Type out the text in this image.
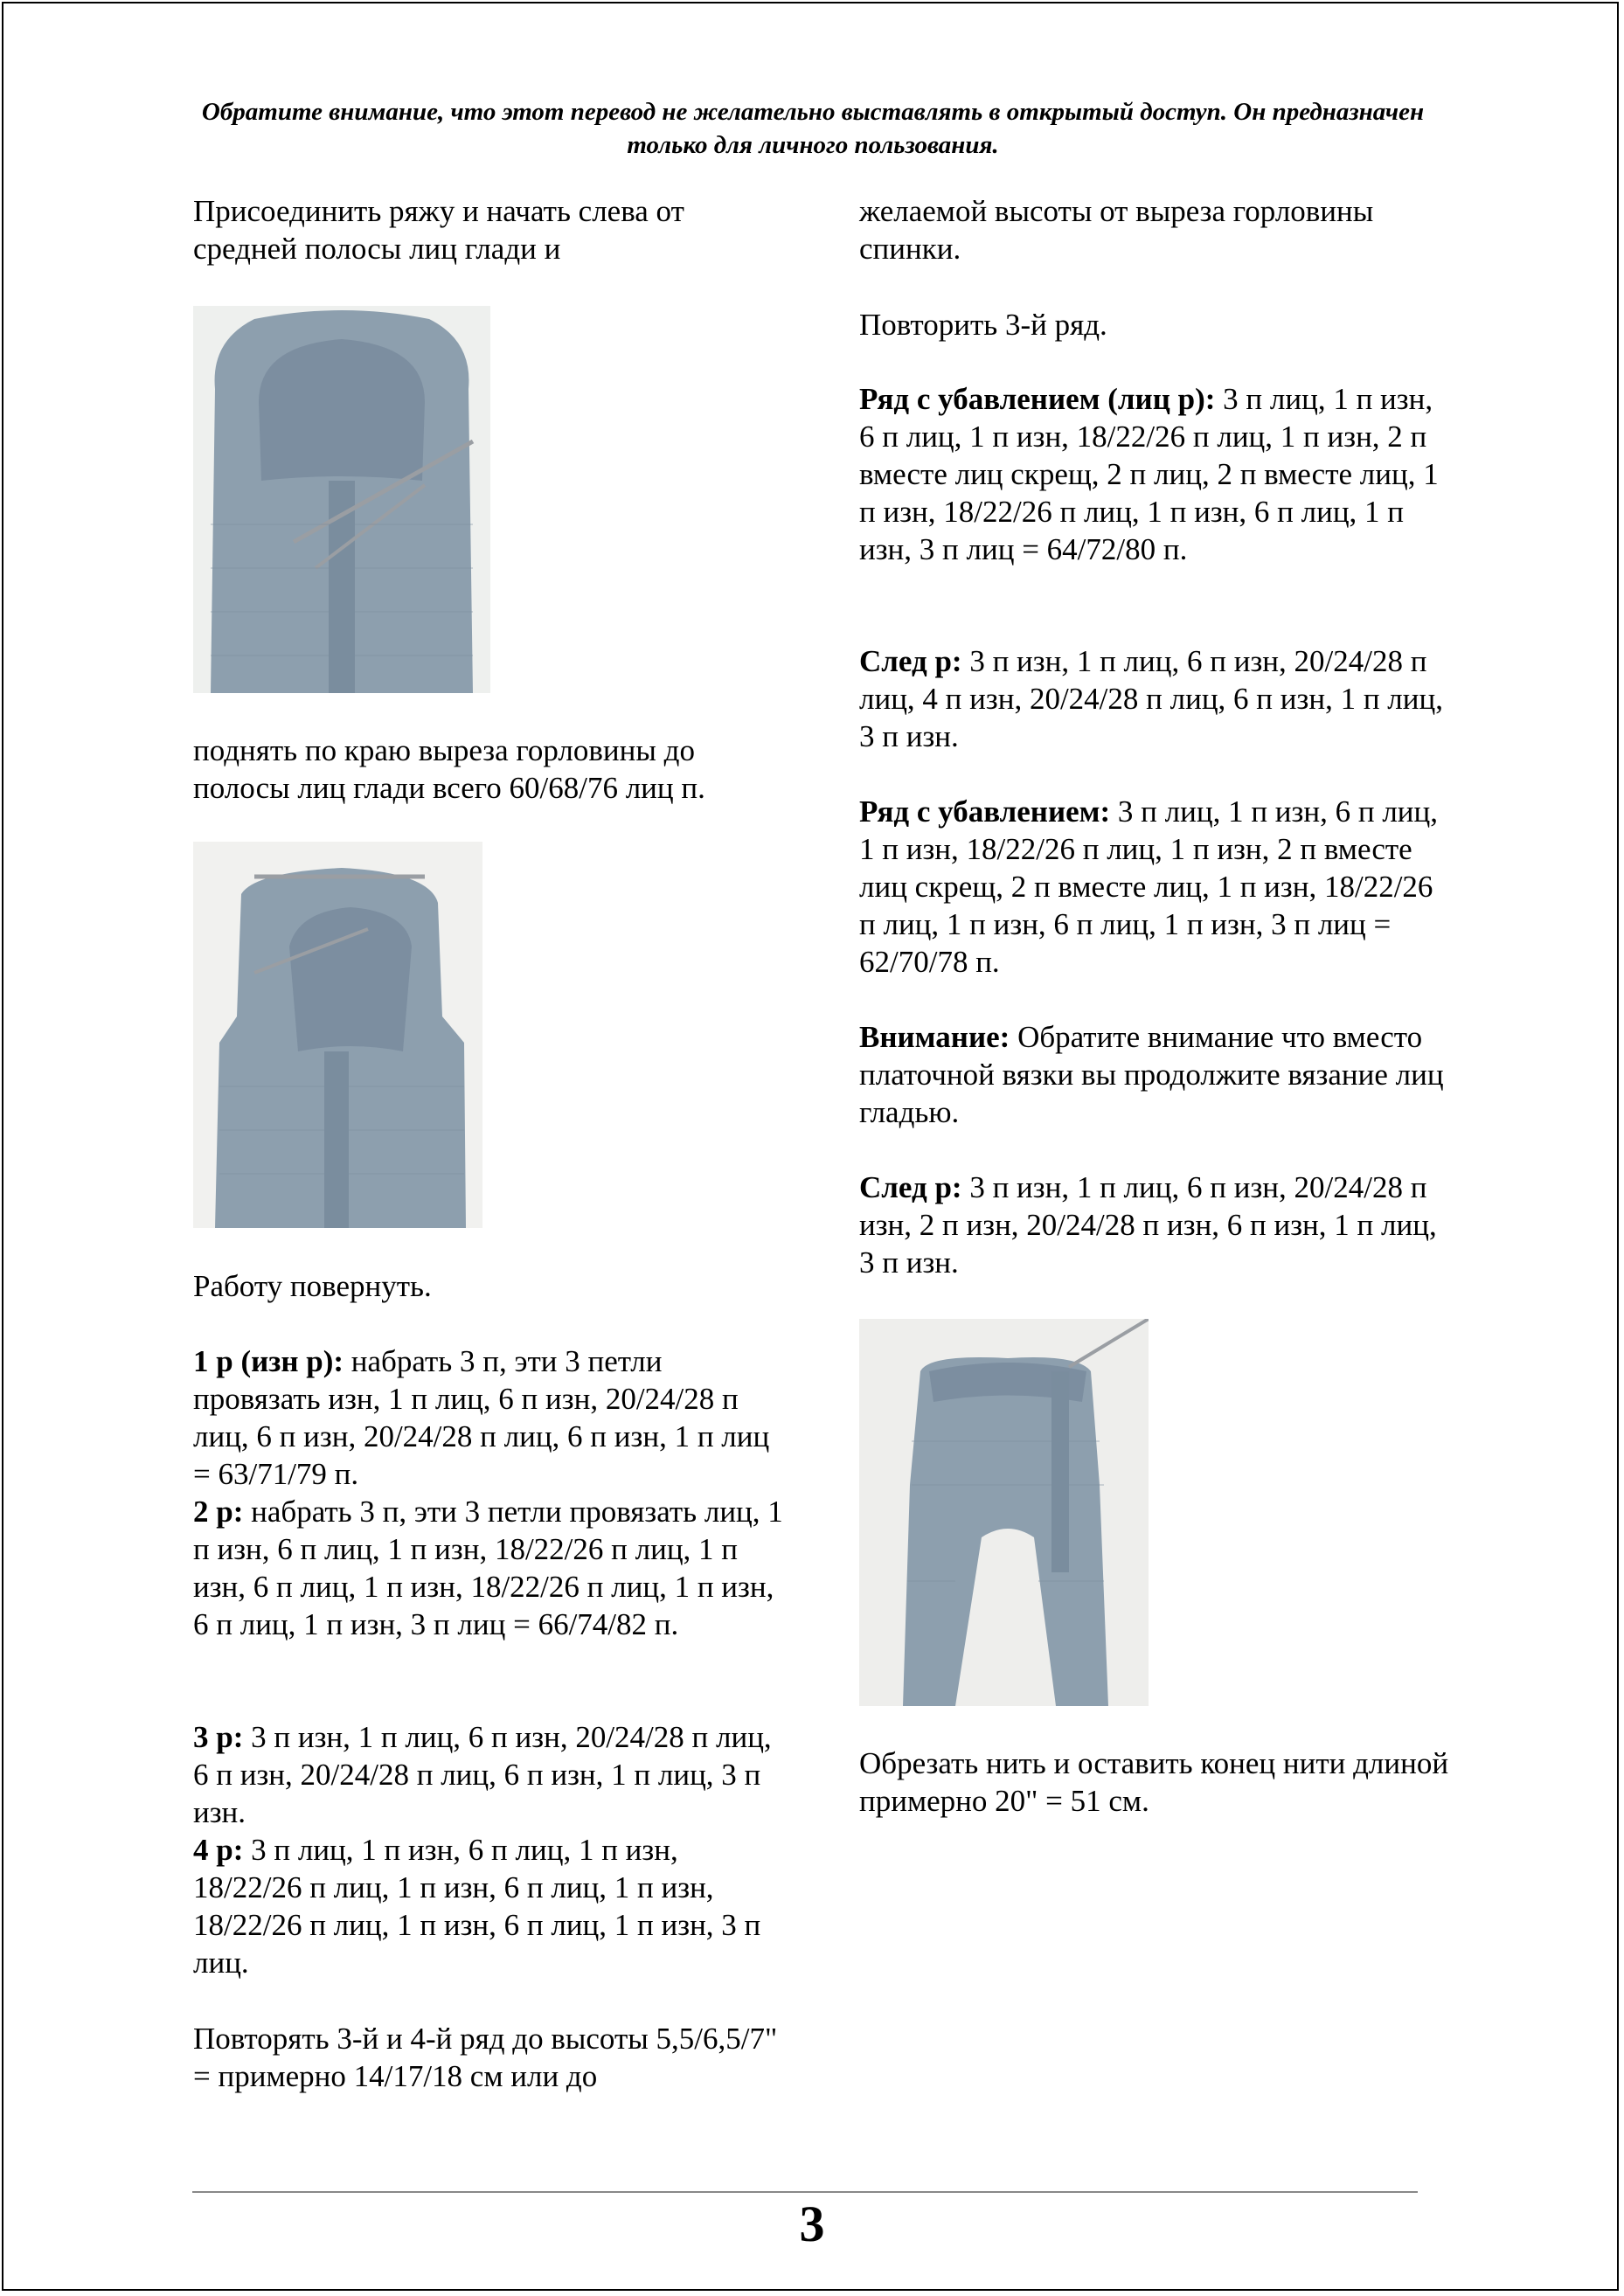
Обратите внимание, что этот перевод не желательно выставлять в открытый доступ. Он предназначен только для личного пользования.

Присоединить ряжу и начать слева от средней полосы лиц глади и

поднять по краю выреза горловины до полосы лиц глади всего 60/68/76 лиц п.

Работу повернуть.

1 р (изн р): набрать 3 п, эти 3 петли провязать изн, 1 п лиц, 6 п изн, 20/24/28 п лиц, 6 п изн, 20/24/28 п лиц, 6 п изн, 1 п лиц = 63/71/79 п.

2 р: набрать 3 п, эти 3 петли провязать лиц, 1 п изн, 6 п лиц, 1 п изн, 18/22/26 п лиц, 1 п изн, 6 п лиц, 1 п изн, 18/22/26 п лиц, 1 п изн, 6 п лиц, 1 п изн, 3 п лиц = 66/74/82 п.

3 р: 3 п изн, 1 п лиц, 6 п изн, 20/24/28 п лиц, 6 п изн, 20/24/28 п лиц, 6 п изн, 1 п лиц, 3 п изн.

4 р: 3 п лиц, 1 п изн, 6 п лиц, 1 п изн, 18/22/26 п лиц, 1 п изн, 6 п лиц, 1 п изн, 18/22/26 п лиц, 1 п изн, 6 п лиц, 1 п изн, 3 п лиц.

Повторять 3-й и 4-й ряд до высоты 5,5/6,5/7" = примерно 14/17/18 см или до

желаемой высоты от выреза горловины спинки.

Повторить 3-й ряд.

Ряд с убавлением (лиц р): 3 п лиц, 1 п изн, 6 п лиц, 1 п изн, 18/22/26 п лиц, 1 п изн, 2 п вместе лиц скрещ, 2 п лиц, 2 п вместе лиц, 1 п изн, 18/22/26 п лиц, 1 п изн, 6 п лиц, 1 п изн, 3 п лиц = 64/72/80 п.

След р: 3 п изн, 1 п лиц, 6 п изн, 20/24/28 п лиц, 4 п изн, 20/24/28 п лиц, 6 п изн, 1 п лиц, 3 п изн.

Ряд с убавлением: 3 п лиц, 1 п изн, 6 п лиц, 1 п изн, 18/22/26 п лиц, 1 п изн, 2 п вместе лиц скрещ, 2 п вместе лиц, 1 п изн, 18/22/26 п лиц, 1 п изн, 6 п лиц, 1 п изн, 3 п лиц = 62/70/78 п.

Внимание: Обратите внимание что вместо платочной вязки вы продолжите вязание лиц гладью.

След р: 3 п изн, 1 п лиц, 6 п изн, 20/24/28 п изн, 2 п изн, 20/24/28 п изн, 6 п изн, 1 п лиц, 3 п изн.

Обрезать нить и оставить конец нити длиной примерно 20" = 51 см.

3
